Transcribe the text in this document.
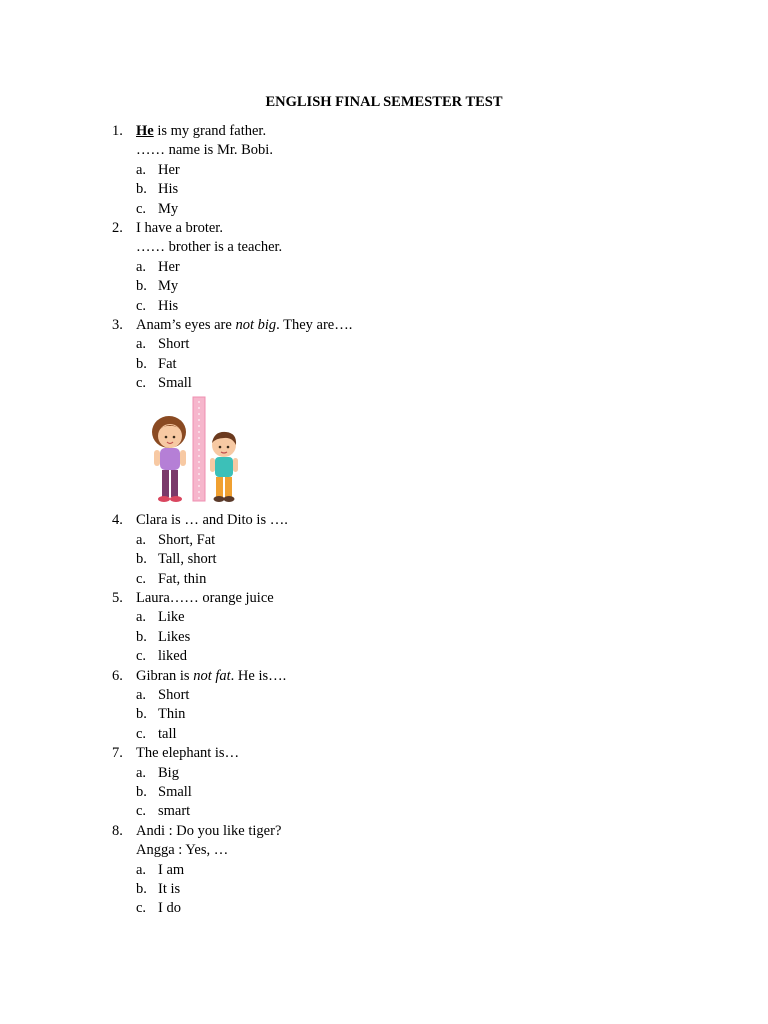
ENGLISH FINAL SEMESTER TEST
1. He is my grand father.
…… name is Mr. Bobi.
a. Her
b. His
c. My
2. I have a broter.
…… brother is a teacher.
a. Her
b. My
c. His
3. Anam’s eyes are not big. They are….
a. Short
b. Fat
c. Small
4. Clara is … and Dito is ….
a. Short, Fat
b. Tall, short
c. Fat, thin
5. Laura…… orange juice
a. Like
b. Likes
c. liked
6. Gibran is not fat. He is….
a. Short
b. Thin
c. tall
7. The elephant is…
a. Big
b. Small
c. smart
8. Andi : Do you like tiger?
Angga : Yes, …
a. I am
b. It is
c. I do
